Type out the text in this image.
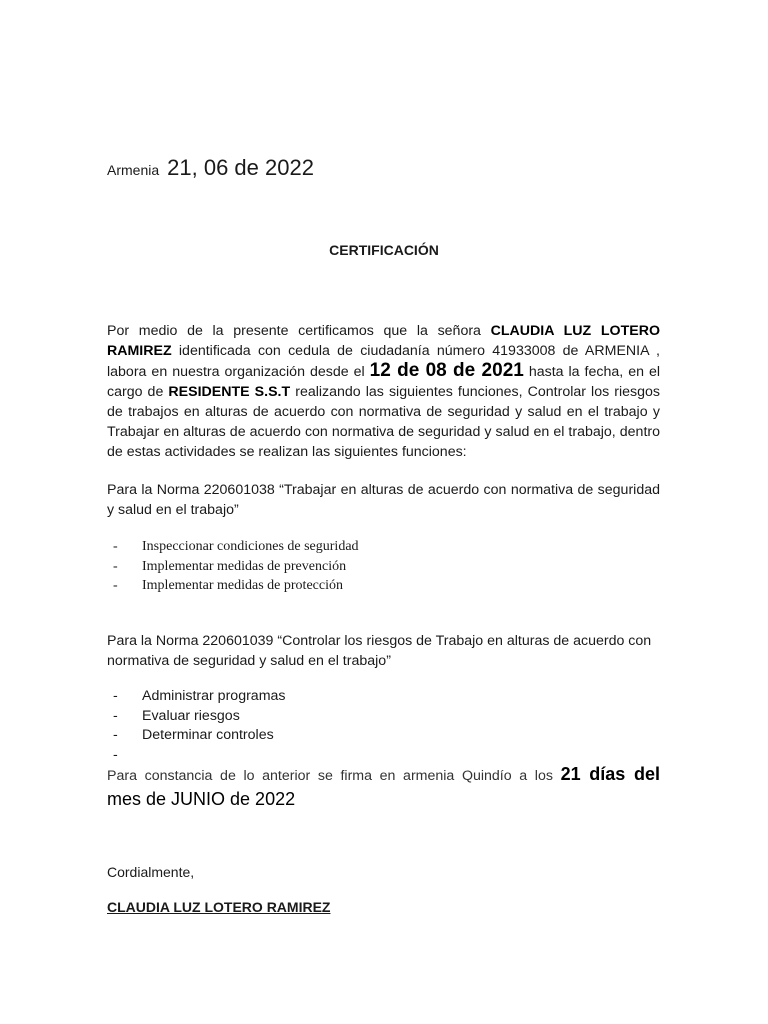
Armenia 21, 06 de 2022
CERTIFICACIÓN
Por medio de la presente certificamos que la señora CLAUDIA LUZ LOTERO RAMIREZ identificada con cedula de ciudadanía número 41933008 de ARMENIA , labora en nuestra organización desde el 12 de 08 de 2021 hasta la fecha, en el cargo de RESIDENTE S.S.T realizando las siguientes funciones, Controlar los riesgos de trabajos en alturas de acuerdo con normativa de seguridad y salud en el trabajo y Trabajar en alturas de acuerdo con normativa de seguridad y salud en el trabajo, dentro de estas actividades se realizan las siguientes funciones:
Para la Norma 220601038 “Trabajar en alturas de acuerdo con normativa de seguridad y salud en el trabajo”
- Inspeccionar condiciones de seguridad
- Implementar medidas de prevención
- Implementar medidas de protección
Para la Norma 220601039 “Controlar los riesgos de Trabajo en alturas de acuerdo con normativa de seguridad y salud en el trabajo”
- Administrar programas
- Evaluar riesgos
- Determinar controles
Para constancia de lo anterior se firma en armenia Quindío a los 21 días del
mes de JUNIO de 2022
Cordialmente,
CLAUDIA LUZ LOTERO RAMIREZ
